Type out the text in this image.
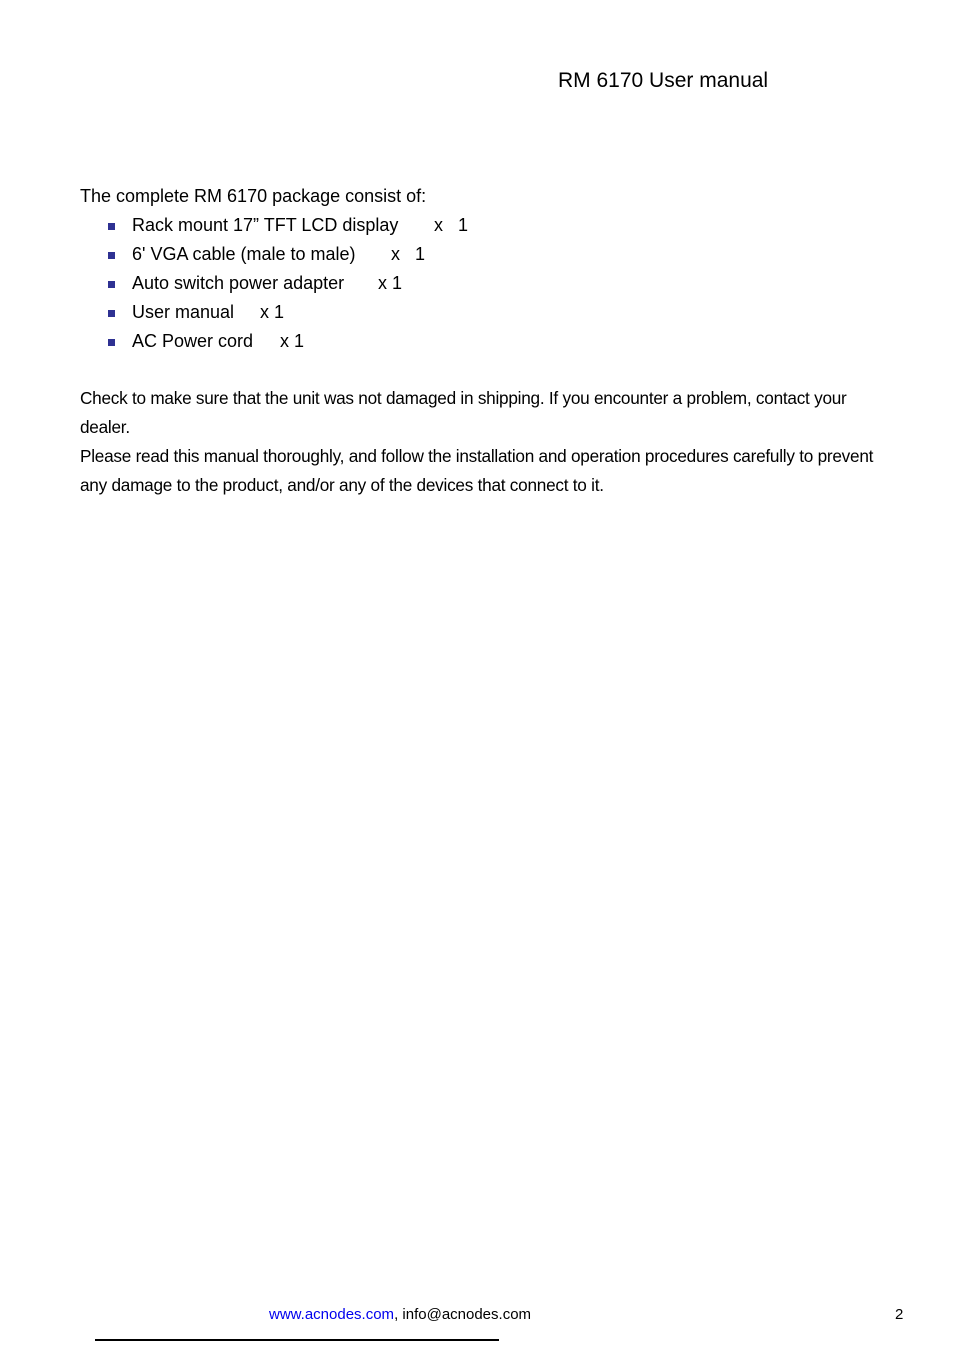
RM 6170 User manual
The complete RM 6170 package consist of:
Rack mount 17” TFT LCD display x   1
6' VGA cable (male to male) x   1
Auto switch power adapter x 1
User manual x 1
AC Power cord x 1

Check to make sure that the unit was not damaged in shipping. If you encounter a problem, contact your dealer.

Please read this manual thoroughly, and follow the installation and operation procedures carefully to prevent any damage to the product, and/or any of the devices that connect to it.

www.acnodes.com, info@acnodes.com	2
